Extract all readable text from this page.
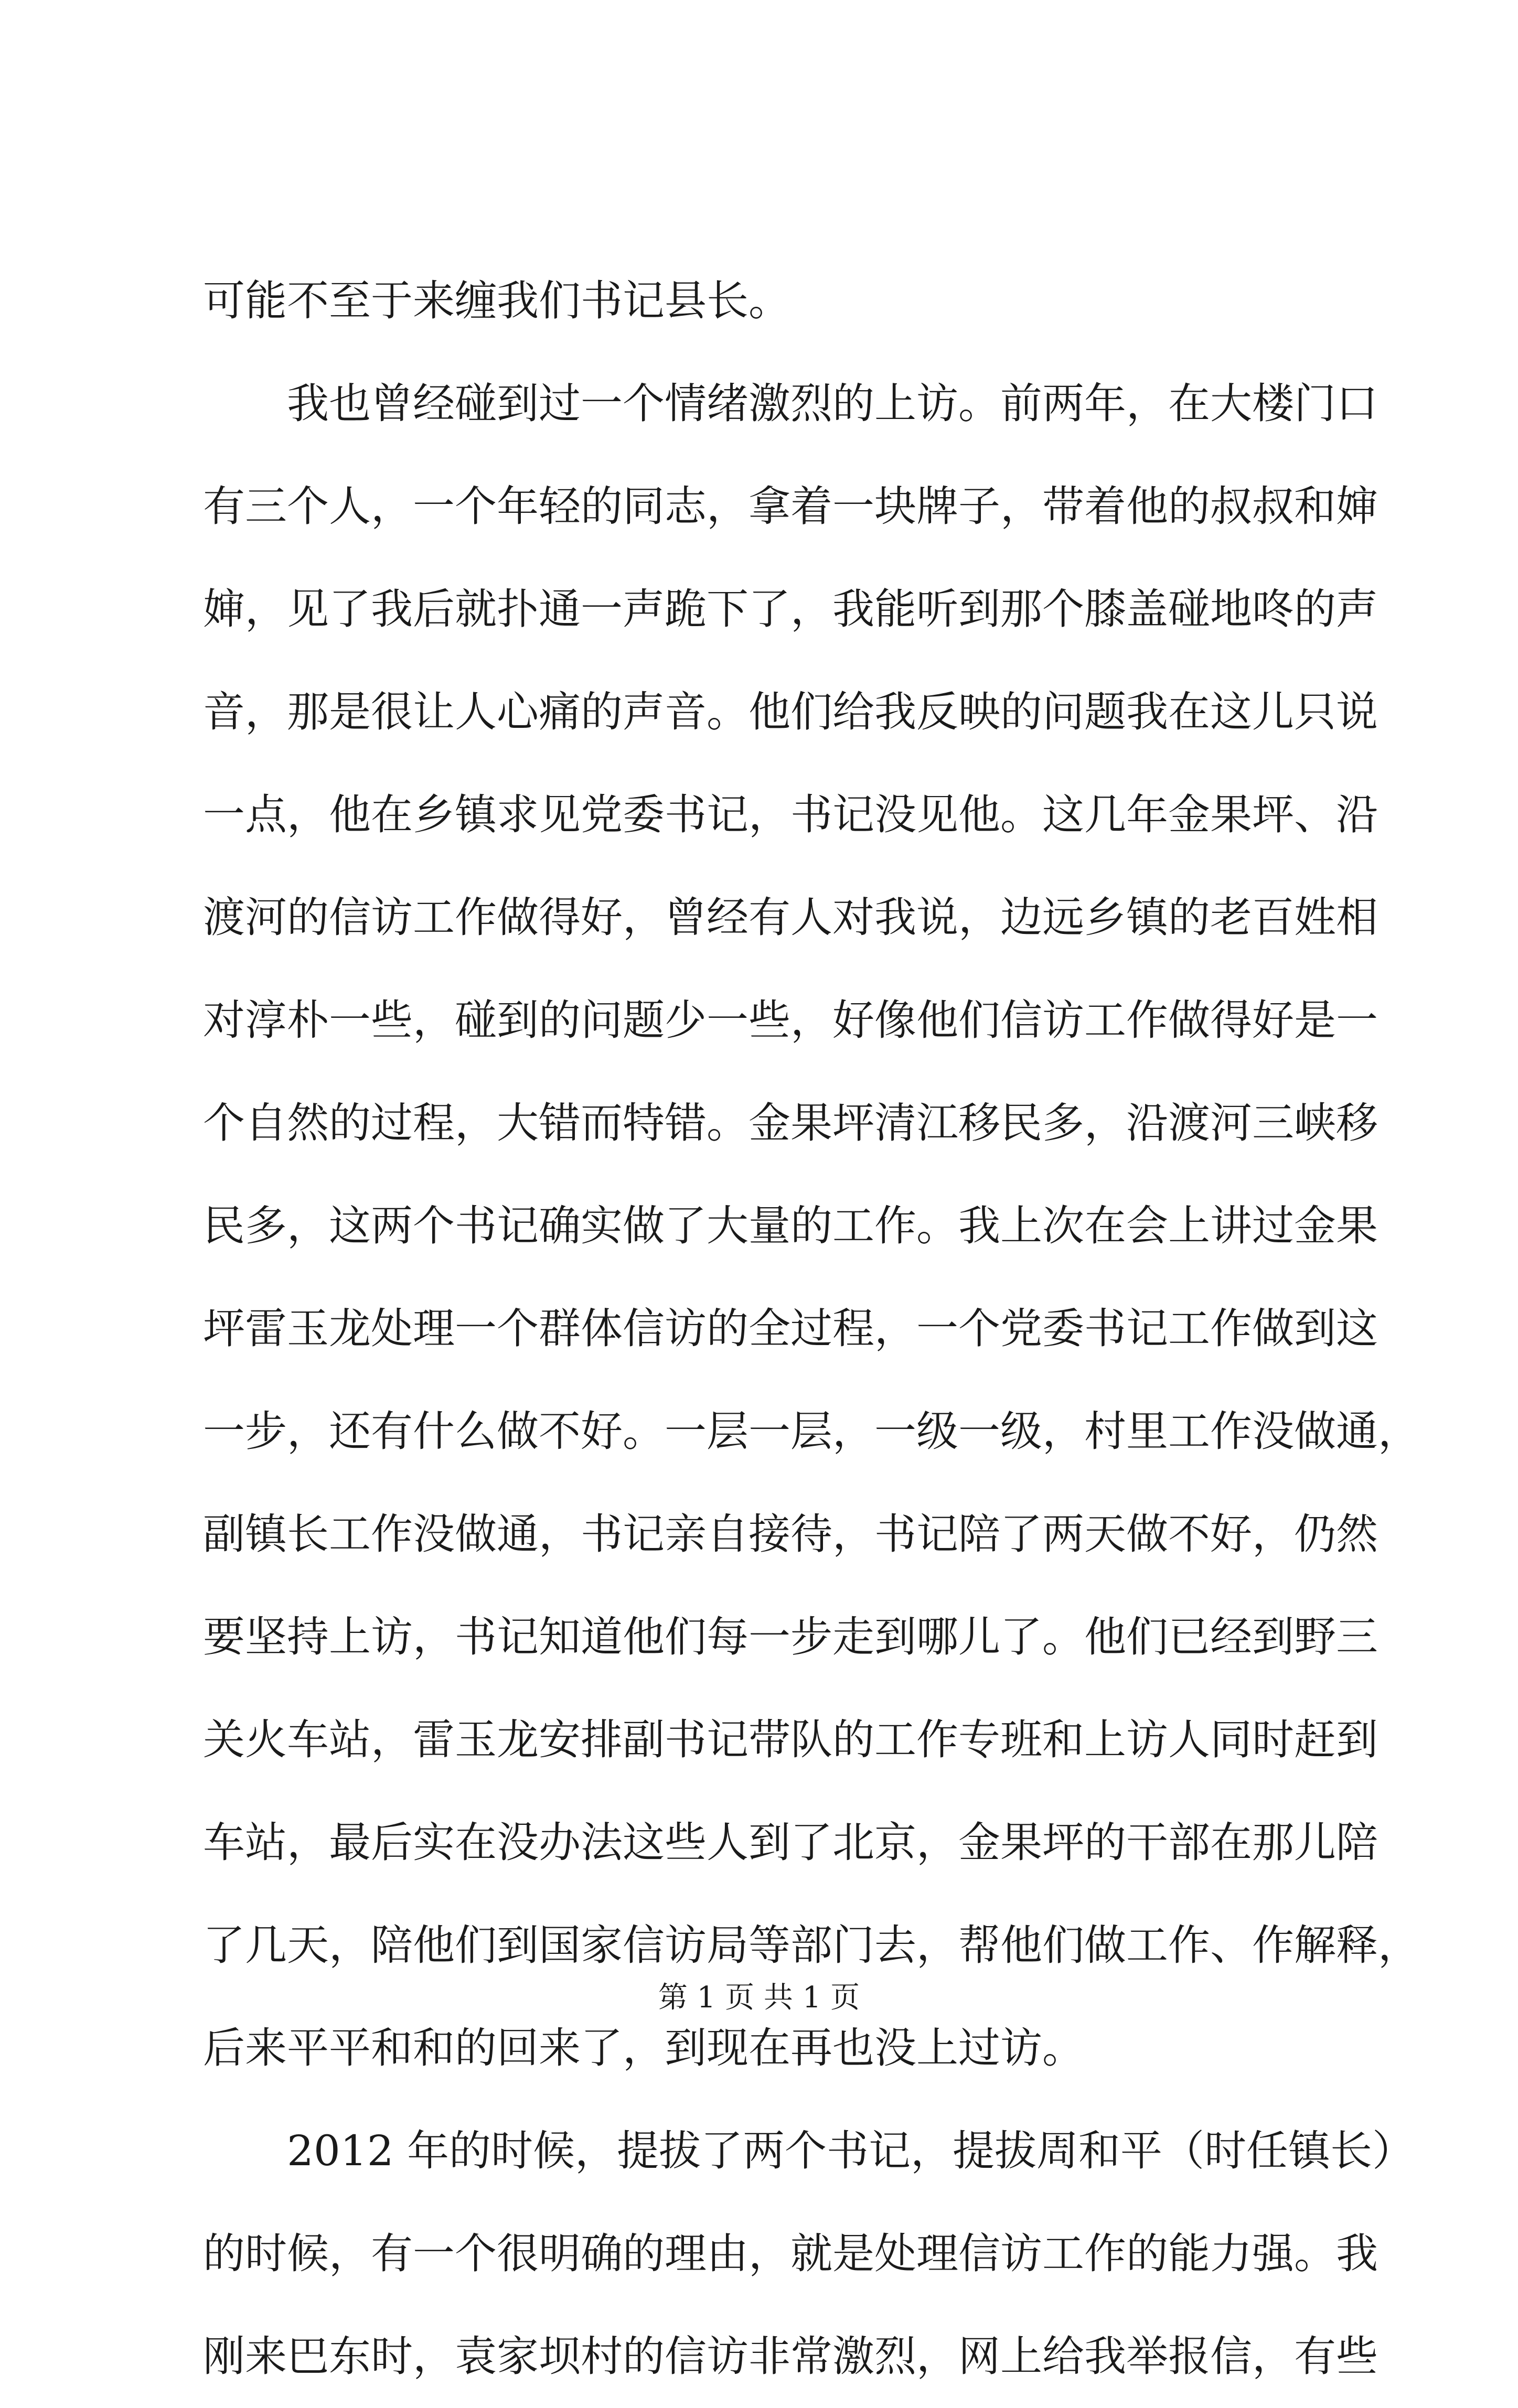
可能不至于来缠我们书记县长。
　　我也曾经碰到过一个情绪激烈的上访。前两年，在大楼门口
有三个人，一个年轻的同志，拿着一块牌子，带着他的叔叔和婶
婶，见了我后就扑通一声跪下了，我能听到那个膝盖碰地咚的声
音，那是很让人心痛的声音。他们给我反映的问题我在这儿只说
一点，他在乡镇求见党委书记，书记没见他。这几年金果坪、沿
渡河的信访工作做得好，曾经有人对我说，边远乡镇的老百姓相
对淳朴一些，碰到的问题少一些，好像他们信访工作做得好是一
个自然的过程，大错而特错。金果坪清江移民多，沿渡河三峡移
民多，这两个书记确实做了大量的工作。我上次在会上讲过金果
坪雷玉龙处理一个群体信访的全过程，一个党委书记工作做到这
一步，还有什么做不好。一层一层，一级一级，村里工作没做通，
副镇长工作没做通，书记亲自接待，书记陪了两天做不好，仍然
要坚持上访，书记知道他们每一步走到哪儿了。他们已经到野三
关火车站，雷玉龙安排副书记带队的工作专班和上访人同时赶到
车站，最后实在没办法这些人到了北京，金果坪的干部在那儿陪
了几天，陪他们到国家信访局等部门去，帮他们做工作、作解释，
后来平平和和的回来了，到现在再也没上过访。
　　2012 年的时候，提拔了两个书记，提拔周和平（时任镇长）
的时候，有一个很明确的理由，就是处理信访工作的能力强。我
刚来巴东时，袁家坝村的信访非常激烈，网上给我举报信，有些
第 1 页 共 1 页
